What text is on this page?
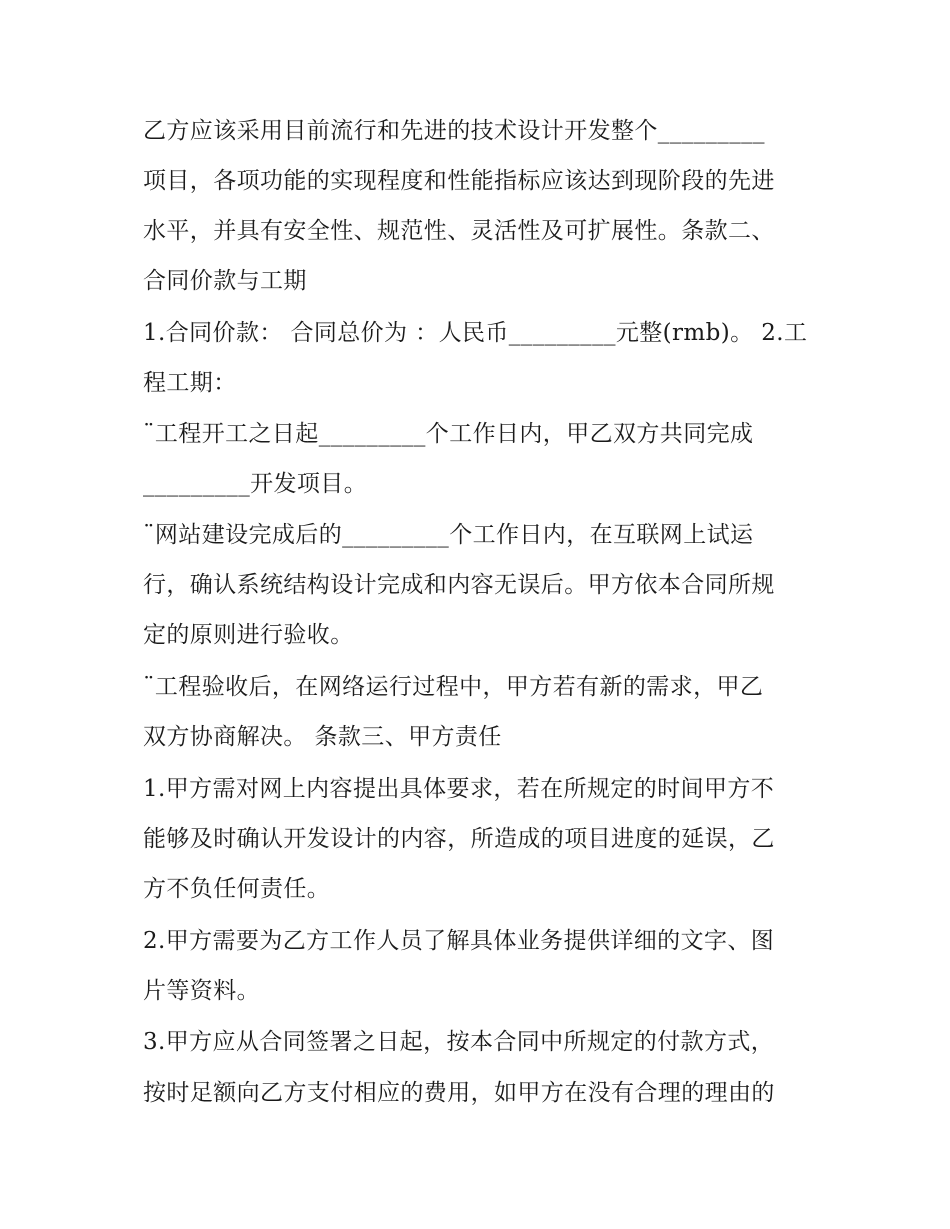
乙方应该采用目前流行和先进的技术设计开发整个_________
项目，各项功能的实现程度和性能指标应该达到现阶段的先进
水平，并具有安全性、规范性、灵活性及可扩展性。条款二、
合同价款与工期
1.合同价款： 合同总价为 ：人民币_________元整(rmb)。 2.工
程工期：
¨工程开工之日起_________个工作日内，甲乙双方共同完成
_________开发项目。
¨网站建设完成后的_________个工作日内，在互联网上试运
行，确认系统结构设计完成和内容无误后。甲方依本合同所规
定的原则进行验收。
¨工程验收后，在网络运行过程中，甲方若有新的需求，甲乙
双方协商解决。 条款三、甲方责任
1.甲方需对网上内容提出具体要求，若在所规定的时间甲方不
能够及时确认开发设计的内容，所造成的项目进度的延误，乙
方不负任何责任。
2.甲方需要为乙方工作人员了解具体业务提供详细的文字、图
片等资料。
3.甲方应从合同签署之日起，按本合同中所规定的付款方式，
按时足额向乙方支付相应的费用，如甲方在没有合理的理由的
